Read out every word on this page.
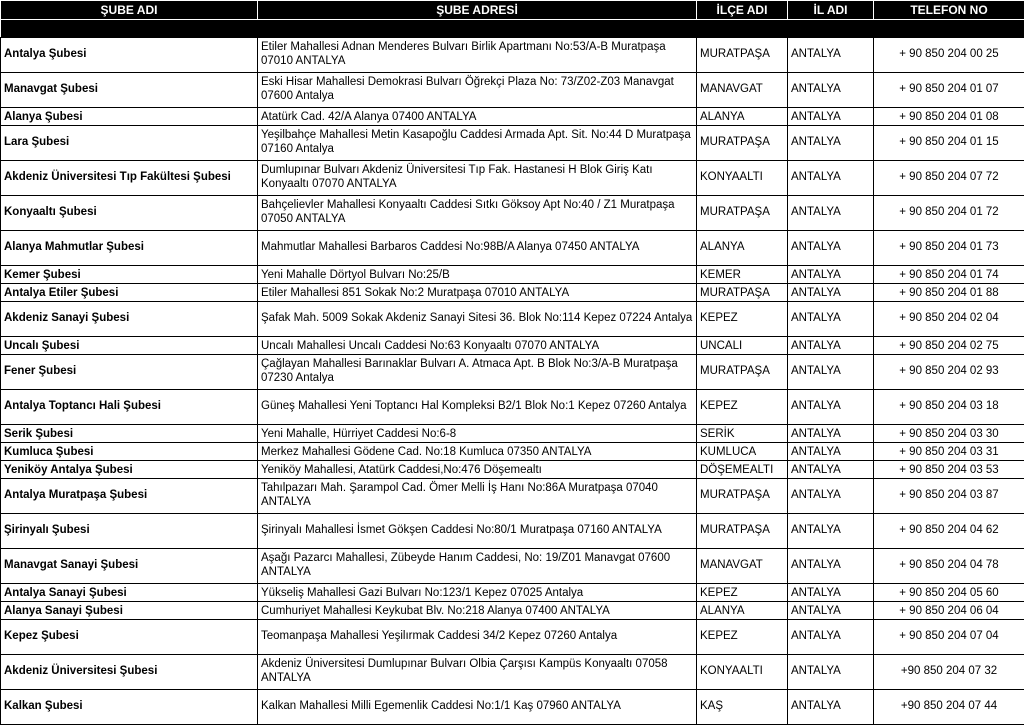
ŞUBE ADI	ŞUBE ADRESİ	İLÇE ADI	İL ADI	TELEFON NO

Antalya Şubesi	Etiler Mahallesi Adnan Menderes Bulvarı Birlik Apartmanı No:53/A-B Muratpaşa 07010 ANTALYA	MURATPAŞA	ANTALYA	+ 90 850 204 00 25
Manavgat Şubesi	Eski Hisar Mahallesi Demokrasi Bulvarı Öğrekçi Plaza No: 73/Z02-Z03 Manavgat 07600 Antalya	MANAVGAT	ANTALYA	+ 90 850 204 01 07
Alanya Şubesi	Atatürk Cad. 42/A Alanya 07400 ANTALYA	ALANYA	ANTALYA	+ 90 850 204 01 08
Lara Şubesi	Yeşilbahçe Mahallesi Metin Kasapoğlu Caddesi Armada Apt. Sit. No:44 D Muratpaşa 07160 Antalya	MURATPAŞA	ANTALYA	+ 90 850 204 01 15
Akdeniz Üniversitesi Tıp Fakültesi Şubesi	Dumlupınar Bulvarı Akdeniz Üniversitesi Tıp Fak. Hastanesi H Blok Giriş Katı Konyaaltı 07070 ANTALYA	KONYAALTI	ANTALYA	+ 90 850 204 07 72
Konyaaltı Şubesi	Bahçelievler Mahallesi Konyaaltı Caddesi Sıtkı Göksoy Apt No:40 / Z1 Muratpaşa 07050 ANTALYA	MURATPAŞA	ANTALYA	+ 90 850 204 01 72
Alanya Mahmutlar Şubesi	Mahmutlar Mahallesi Barbaros Caddesi No:98B/A Alanya 07450 ANTALYA	ALANYA	ANTALYA	+ 90 850 204 01 73
Kemer Şubesi	Yeni Mahalle Dörtyol Bulvarı No:25/B	KEMER	ANTALYA	+ 90 850 204 01 74
Antalya Etiler Şubesi	Etiler Mahallesi 851 Sokak No:2 Muratpaşa 07010 ANTALYA	MURATPAŞA	ANTALYA	+ 90 850 204 01 88
Akdeniz Sanayi Şubesi	Şafak Mah. 5009 Sokak Akdeniz Sanayi Sitesi 36. Blok No:114 Kepez 07224 Antalya	KEPEZ	ANTALYA	+ 90 850 204 02 04
Uncalı Şubesi	Uncalı Mahallesi Uncalı Caddesi No:63 Konyaaltı 07070 ANTALYA	UNCALI	ANTALYA	+ 90 850 204 02 75
Fener Şubesi	Çağlayan Mahallesi Barınaklar Bulvarı A. Atmaca Apt. B Blok No:3/A-B Muratpaşa 07230 Antalya	MURATPAŞA	ANTALYA	+ 90 850 204 02 93
Antalya Toptancı Hali Şubesi	Güneş Mahallesi Yeni Toptancı Hal Kompleksi B2/1 Blok No:1 Kepez 07260 Antalya	KEPEZ	ANTALYA	+ 90 850 204 03 18
Serik Şubesi	Yeni Mahalle, Hürriyet Caddesi No:6-8	SERİK	ANTALYA	+ 90 850 204 03 30
Kumluca Şubesi	Merkez Mahallesi Gödene Cad. No:18 Kumluca 07350 ANTALYA	KUMLUCA	ANTALYA	+ 90 850 204 03 31
Yeniköy Antalya Şubesi	Yeniköy Mahallesi, Atatürk Caddesi,No:476 Döşemealtı	DÖŞEMEALTI	ANTALYA	+ 90 850 204 03 53
Antalya Muratpaşa Şubesi	Tahılpazarı Mah. Şarampol Cad. Ömer Melli İş Hanı No:86A Muratpaşa 07040 ANTALYA	MURATPAŞA	ANTALYA	+ 90 850 204 03 87
Şirinyalı Şubesi	Şirinyalı Mahallesi İsmet Gökşen Caddesi No:80/1 Muratpaşa 07160 ANTALYA	MURATPAŞA	ANTALYA	+ 90 850 204 04 62
Manavgat Sanayi Şubesi	Aşağı Pazarcı Mahallesi, Zübeyde Hanım Caddesi, No: 19/Z01 Manavgat 07600 ANTALYA	MANAVGAT	ANTALYA	+ 90 850 204 04 78
Antalya Sanayi Şubesi	Yükseliş Mahallesi Gazi Bulvarı No:123/1 Kepez 07025 Antalya	KEPEZ	ANTALYA	+ 90 850 204 05 60
Alanya Sanayi Şubesi	Cumhuriyet Mahallesi Keykubat Blv. No:218 Alanya 07400 ANTALYA	ALANYA	ANTALYA	+ 90 850 204 06 04
Kepez Şubesi	Teomanpaşa Mahallesi Yeşilırmak Caddesi 34/2 Kepez 07260 Antalya	KEPEZ	ANTALYA	+ 90 850 204 07 04
Akdeniz Üniversitesi Şubesi	Akdeniz Üniversitesi Dumlupınar Bulvarı Olbia Çarşısı Kampüs Konyaaltı 07058 ANTALYA	KONYAALTI	ANTALYA	+90 850 204 07 32
Kalkan Şubesi	Kalkan Mahallesi Milli Egemenlik Caddesi No:1/1 Kaş 07960 ANTALYA	KAŞ	ANTALYA	+90 850 204 07 44
